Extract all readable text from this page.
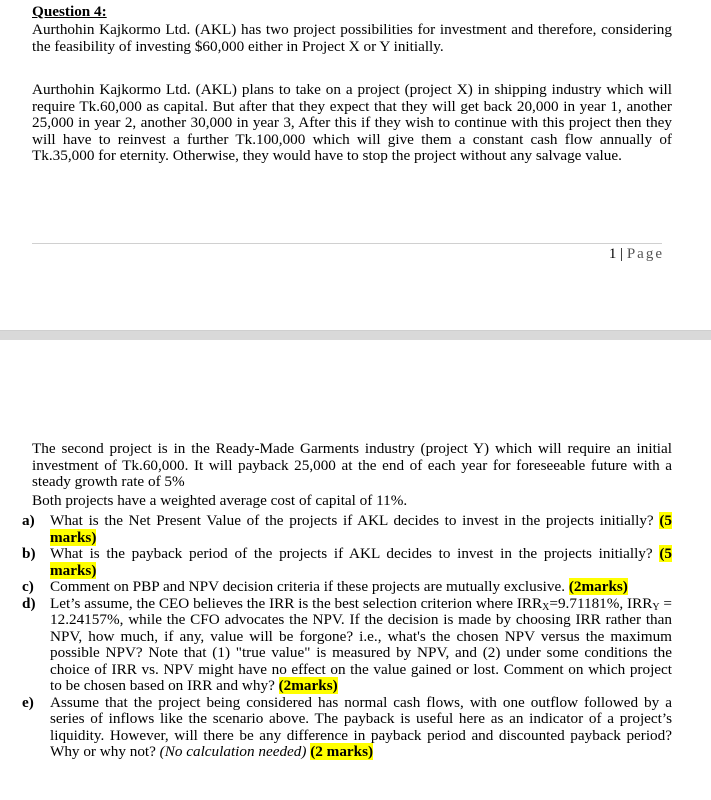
Question 4:
Aurthohin Kajkormo Ltd. (AKL) has two project possibilities for investment and therefore, considering the feasibility of investing $60,000 either in Project X or Y initially.
Aurthohin Kajkormo Ltd. (AKL) plans to take on a project (project X) in shipping industry which will require Tk.60,000 as capital. But after that they expect that they will get back 20,000 in year 1, another 25,000 in year 2, another 30,000 in year 3, After this if they wish to continue with this project then they will have to reinvest a further Tk.100,000 which will give them a constant cash flow annually of Tk.35,000 for eternity. Otherwise, they would have to stop the project without any salvage value.
1 | Page
The second project is in the Ready-Made Garments industry (project Y) which will require an initial investment of Tk.60,000. It will payback 25,000 at the end of each year for foreseeable future with a steady growth rate of 5%
Both projects have a weighted average cost of capital of 11%.
a) What is the Net Present Value of the projects if AKL decides to invest in the projects initially? (5 marks)
b) What is the payback period of the projects if AKL decides to invest in the projects initially? (5 marks)
c) Comment on PBP and NPV decision criteria if these projects are mutually exclusive. (2marks)
d) Let’s assume, the CEO believes the IRR is the best selection criterion where $IRR_X=9.71181\%$, $IRR_Y = 12.24157\%$, while the CFO advocates the NPV. If the decision is made by choosing IRR rather than NPV, how much, if any, value will be forgone? i.e., what's the chosen NPV versus the maximum possible NPV? Note that (1) "true value" is measured by NPV, and (2) under some conditions the choice of IRR vs. NPV might have no effect on the value gained or lost. Comment on which project to be chosen based on IRR and why? (2marks)
e) Assume that the project being considered has normal cash flows, with one outflow followed by a series of inflows like the scenario above. The payback is useful here as an indicator of a project’s liquidity. However, will there be any difference in payback period and discounted payback period? Why or why not? (No calculation needed) (2 marks)
